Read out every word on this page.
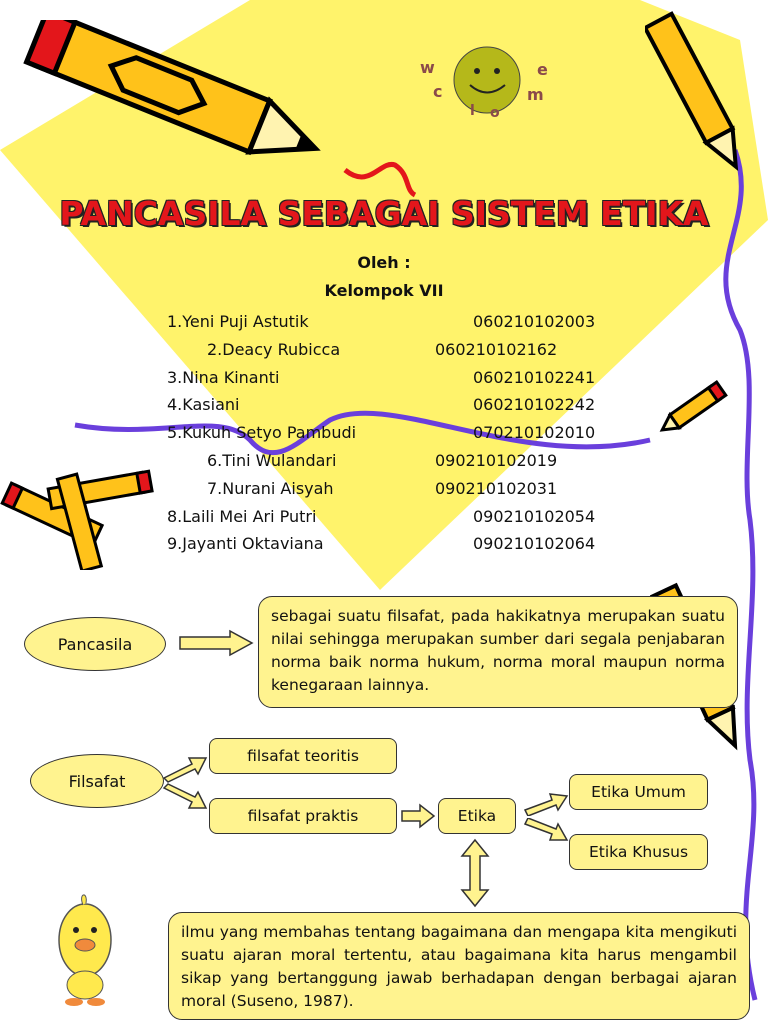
w	e
c	m
l o
PANCASILA SEBAGAI SISTEM ETIKA
Oleh :
Kelompok VII
1.Yeni Puji Astutik	060210102003
2.Deacy Rubicca	060210102162
3.Nina Kinanti	060210102241
4.Kasiani	060210102242
5.Kukuh Setyo Pambudi	070210102010
6.Tini Wulandari	090210102019
7.Nurani Aisyah	090210102031
8.Laili Mei Ari Putri	090210102054
9.Jayanti Oktaviana	090210102064
Pancasila
sebagai suatu filsafat, pada hakikatnya merupakan suatu nilai sehingga merupakan sumber dari segala penjabaran norma baik norma hukum, norma moral maupun norma kenegaraan lainnya.
Filsafat
filsafat teoritis
filsafat praktis	Etika
Etika Umum
Etika Khusus
ilmu yang membahas tentang bagaimana dan mengapa kita mengikuti suatu ajaran moral tertentu, atau bagaimana kita harus mengambil sikap yang bertanggung jawab berhadapan dengan berbagai ajaran moral (Suseno, 1987).
